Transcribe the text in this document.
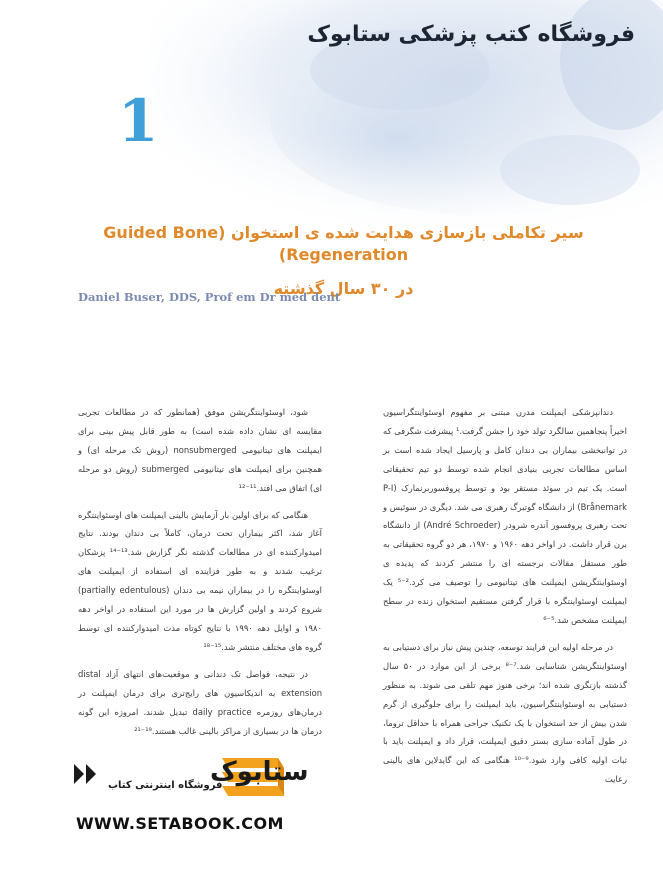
فروشگاه کتب پزشکی ستابوک
1
سیر تکاملی بازسازی هدایت شده ی استخوان (Guided Bone Regeneration)
در ۳۰ سال گذشته
Daniel Buser, DDS, Prof em Dr med dent

دندانپزشکی ایمپلنت مدرن مبتنی بر مفهوم اوسئواینتگراسیون اخیراً پنجاهمین سالگرد تولد خود را جشن گرفت.¹ پیشرفت شگرفی که در توانبخشی بیماران بی دندان کامل و پارسیل ایجاد شده است بر اساس مطالعات تجربی بنیادی انجام شده توسط دو تیم تحقیقاتی است. یک تیم در سوئد مستقر بود و توسط پروفسوربرنمارک (P-I Brånemark) از دانشگاه گوتبرگ رهبری می شد. دیگری در سوئیس و تحت رهبری پروفسور آندره شرودر (André Schroeder) از دانشگاه برن قرار داشت. در اواخر دهه ۱۹۶۰ و ۱۹۷۰، هر دو گروه تحقیقاتی به طور مستقل مقالات برجسته ای را منتشر کردند که پدیده ی اوسئواینتگریشن ایمپلنت های تیتانیومی را توصیف می کرد.²⁻⁵ یک ایمپلنت اوسئواینتگره با قرار گرفتن مستقیم استخوان زنده در سطح ایمپلنت مشخص شد.⁵⁻⁶

در مرحله اولیه این فرایند توسعه، چندین پیش نیاز برای دستیابی به اوسئواینتگریشن شناسایی شد.⁷⁻⁸ برخی از این موارد در ۵۰ سال گذشته بازنگری شده اند؛ برخی هنوز مهم تلقی می شوند. به منظور دستیابی به اوسئواینتگراسیون، باید ایمپلنت را برای جلوگیری از گرم شدن بیش از حد استخوان با یک تکنیک جراحی همراه با حداقل تروما، در طول آماده سازی بستر دقیق ایمپلنت، قرار داد و ایمپلنت باید با ثبات اولیه کافی وارد شود.⁹⁻¹⁰ هنگامی که این گایدلاین های بالینی رعایت

شود، اوسئواینتگریشن موفق (همانطور که در مطالعات تجربی مقایسه ای نشان داده شده است) به طور قابل پیش بینی برای ایمپلنت های تیتانیومی nonsubmerged (روش تک مرحله ای) و همچنین برای ایمپلنت های تیتانیومی submerged (روش دو مرحله ای) اتفاق می افتد.¹¹⁻¹²

هنگامی که برای اولین بار آزمایش بالینی ایمپلنت های اوسئواینتگره آغاز شد، اکثر بیماران تحت درمان، کاملاً بی دندان بودند. نتایج امیدوارکننده ای در مطالعات گذشته نگر گزارش شد.¹³⁻¹⁴ پزشکان ترغیب شدند و به طور فزاینده ای استفاده از ایمپلنت های اوسئواینتگره را در بیماران نیمه بی دندان (partially edentulous) شروع کردند و اولین گزارش ها در مورد این استفاده در اواخر دهه ۱۹۸۰ و اوایل دهه ۱۹۹۰ با نتایج کوتاه مدت امیدوارکننده ای توسط گروه های مختلف منتشر شد.¹⁵⁻¹⁸

در نتیجه، فواصل تک دندانی و موقعیت‌های انتهای آزاد distal extension به اندیکاسیون های رایج‌تری برای درمان ایمپلنت در درمان‌های روزمره daily practice تبدیل شدند. امروزه این گونه درمان ها در بسیاری از مراکز بالینی غالب هستند.¹⁹⁻²¹

ستابوک
فروشگاه اینترنتی کتاب
WWW.SETABOOK.COM
